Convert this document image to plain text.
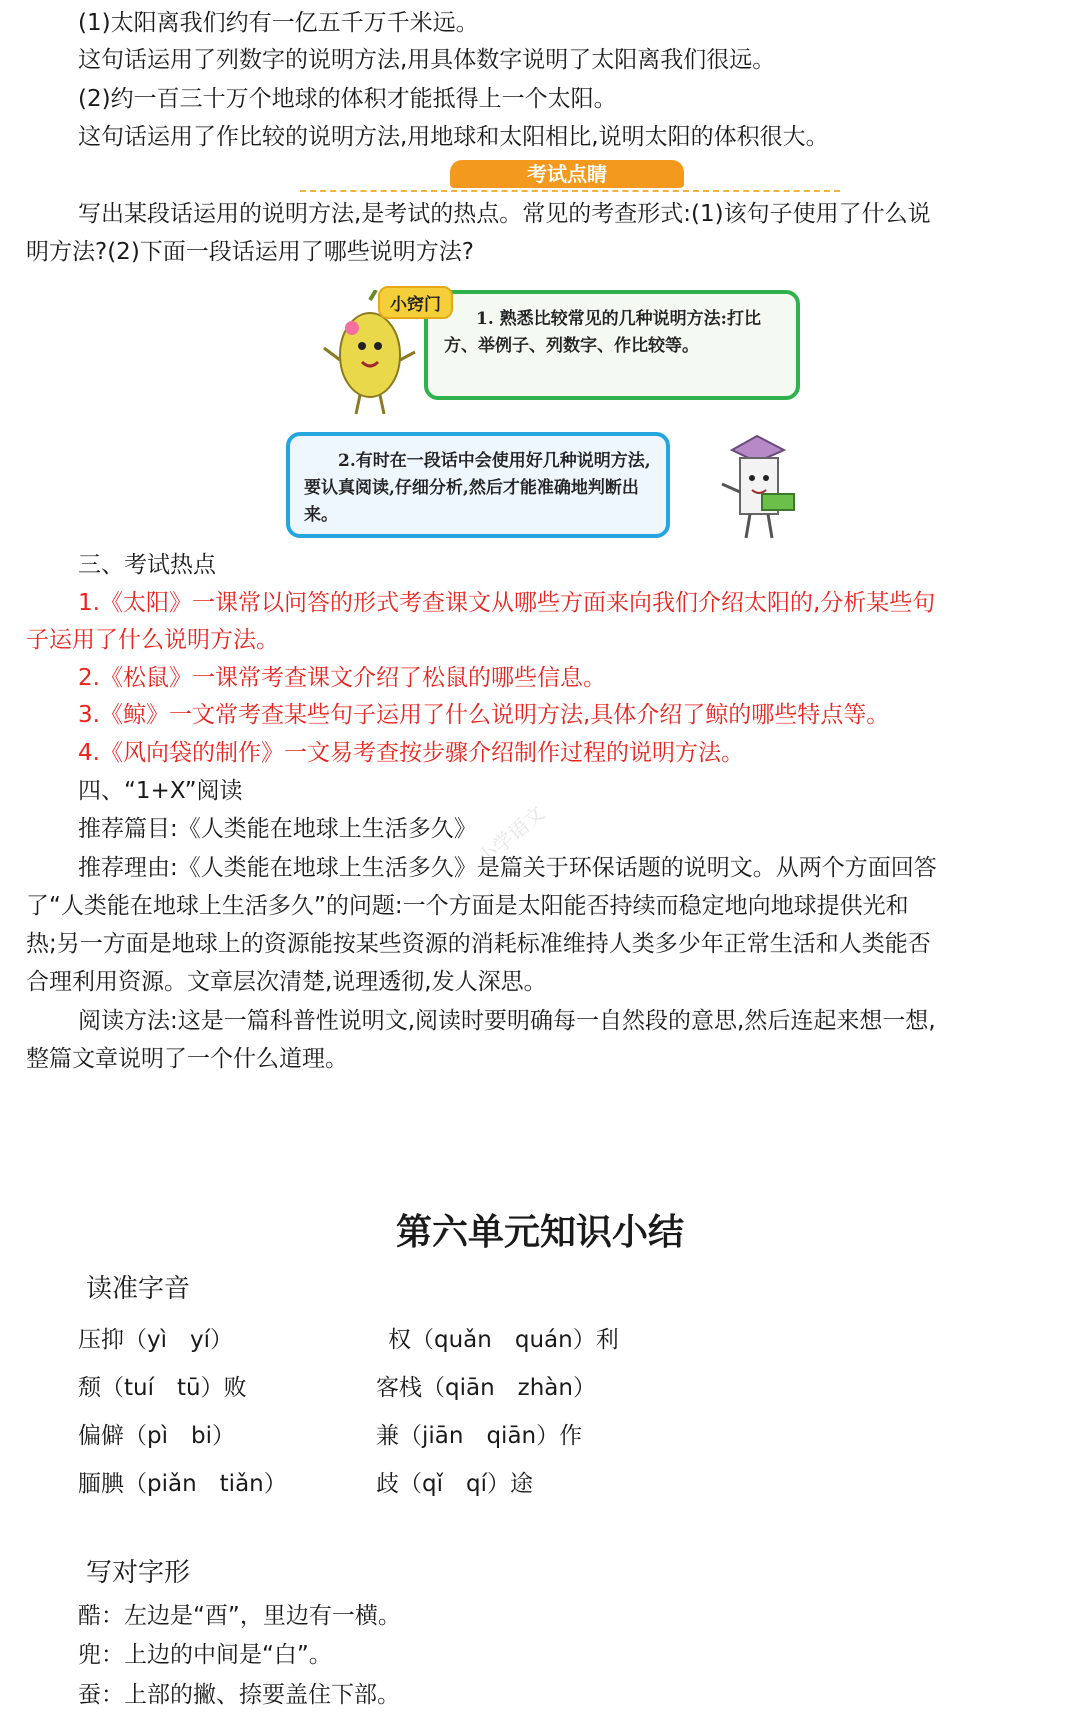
(1)太阳离我们约有一亿五千万千米远。
这句话运用了列数字的说明方法,用具体数字说明了太阳离我们很远。
(2)约一百三十万个地球的体积才能抵得上一个太阳。
这句话运用了作比较的说明方法,用地球和太阳相比,说明太阳的体积很大。
考试点睛
写出某段话运用的说明方法,是考试的热点。常见的考查形式:(1)该句子使用了什么说
明方法?(2)下面一段话运用了哪些说明方法?
1. 熟悉比较常见的几种说明方法:打比方、举例子、列数字、作比较等。
小窍门
2.有时在一段话中会使用好几种说明方法,要认真阅读,仔细分析,然后才能准确地判断出来。
三、考试热点
1.《太阳》一课常以问答的形式考查课文从哪些方面来向我们介绍太阳的,分析某些句
子运用了什么说明方法。
2.《松鼠》一课常考查课文介绍了松鼠的哪些信息。
3.《鲸》一文常考查某些句子运用了什么说明方法,具体介绍了鲸的哪些特点等。
4.《风向袋的制作》一文易考查按步骤介绍制作过程的说明方法。
四、“1+X”阅读
推荐篇目:《人类能在地球上生活多久》
推荐理由:《人类能在地球上生活多久》是篇关于环保话题的说明文。从两个方面回答
了“人类能在地球上生活多久”的问题:一个方面是太阳能否持续而稳定地向地球提供光和
热;另一方面是地球上的资源能按某些资源的消耗标准维持人类多少年正常生活和人类能否
合理利用资源。文章层次清楚,说理透彻,发人深思。
阅读方法:这是一篇科普性说明文,阅读时要明确每一自然段的意思,然后连起来想一想,
整篇文章说明了一个什么道理。
小学语文
第六单元知识小结
读准字音
压抑（yì　yí）	权（quǎn　quán）利
颓（tuí　tū）败	客栈（qiān　zhàn）
偏僻（pì　bi）	兼（jiān　qiān）作
腼腆（piǎn　tiǎn）	歧（qǐ　qí）途
写对字形
酷：左边是“酉”，里边有一横。
兜：上边的中间是“白”。
蚕：上部的撇、捺要盖住下部。
